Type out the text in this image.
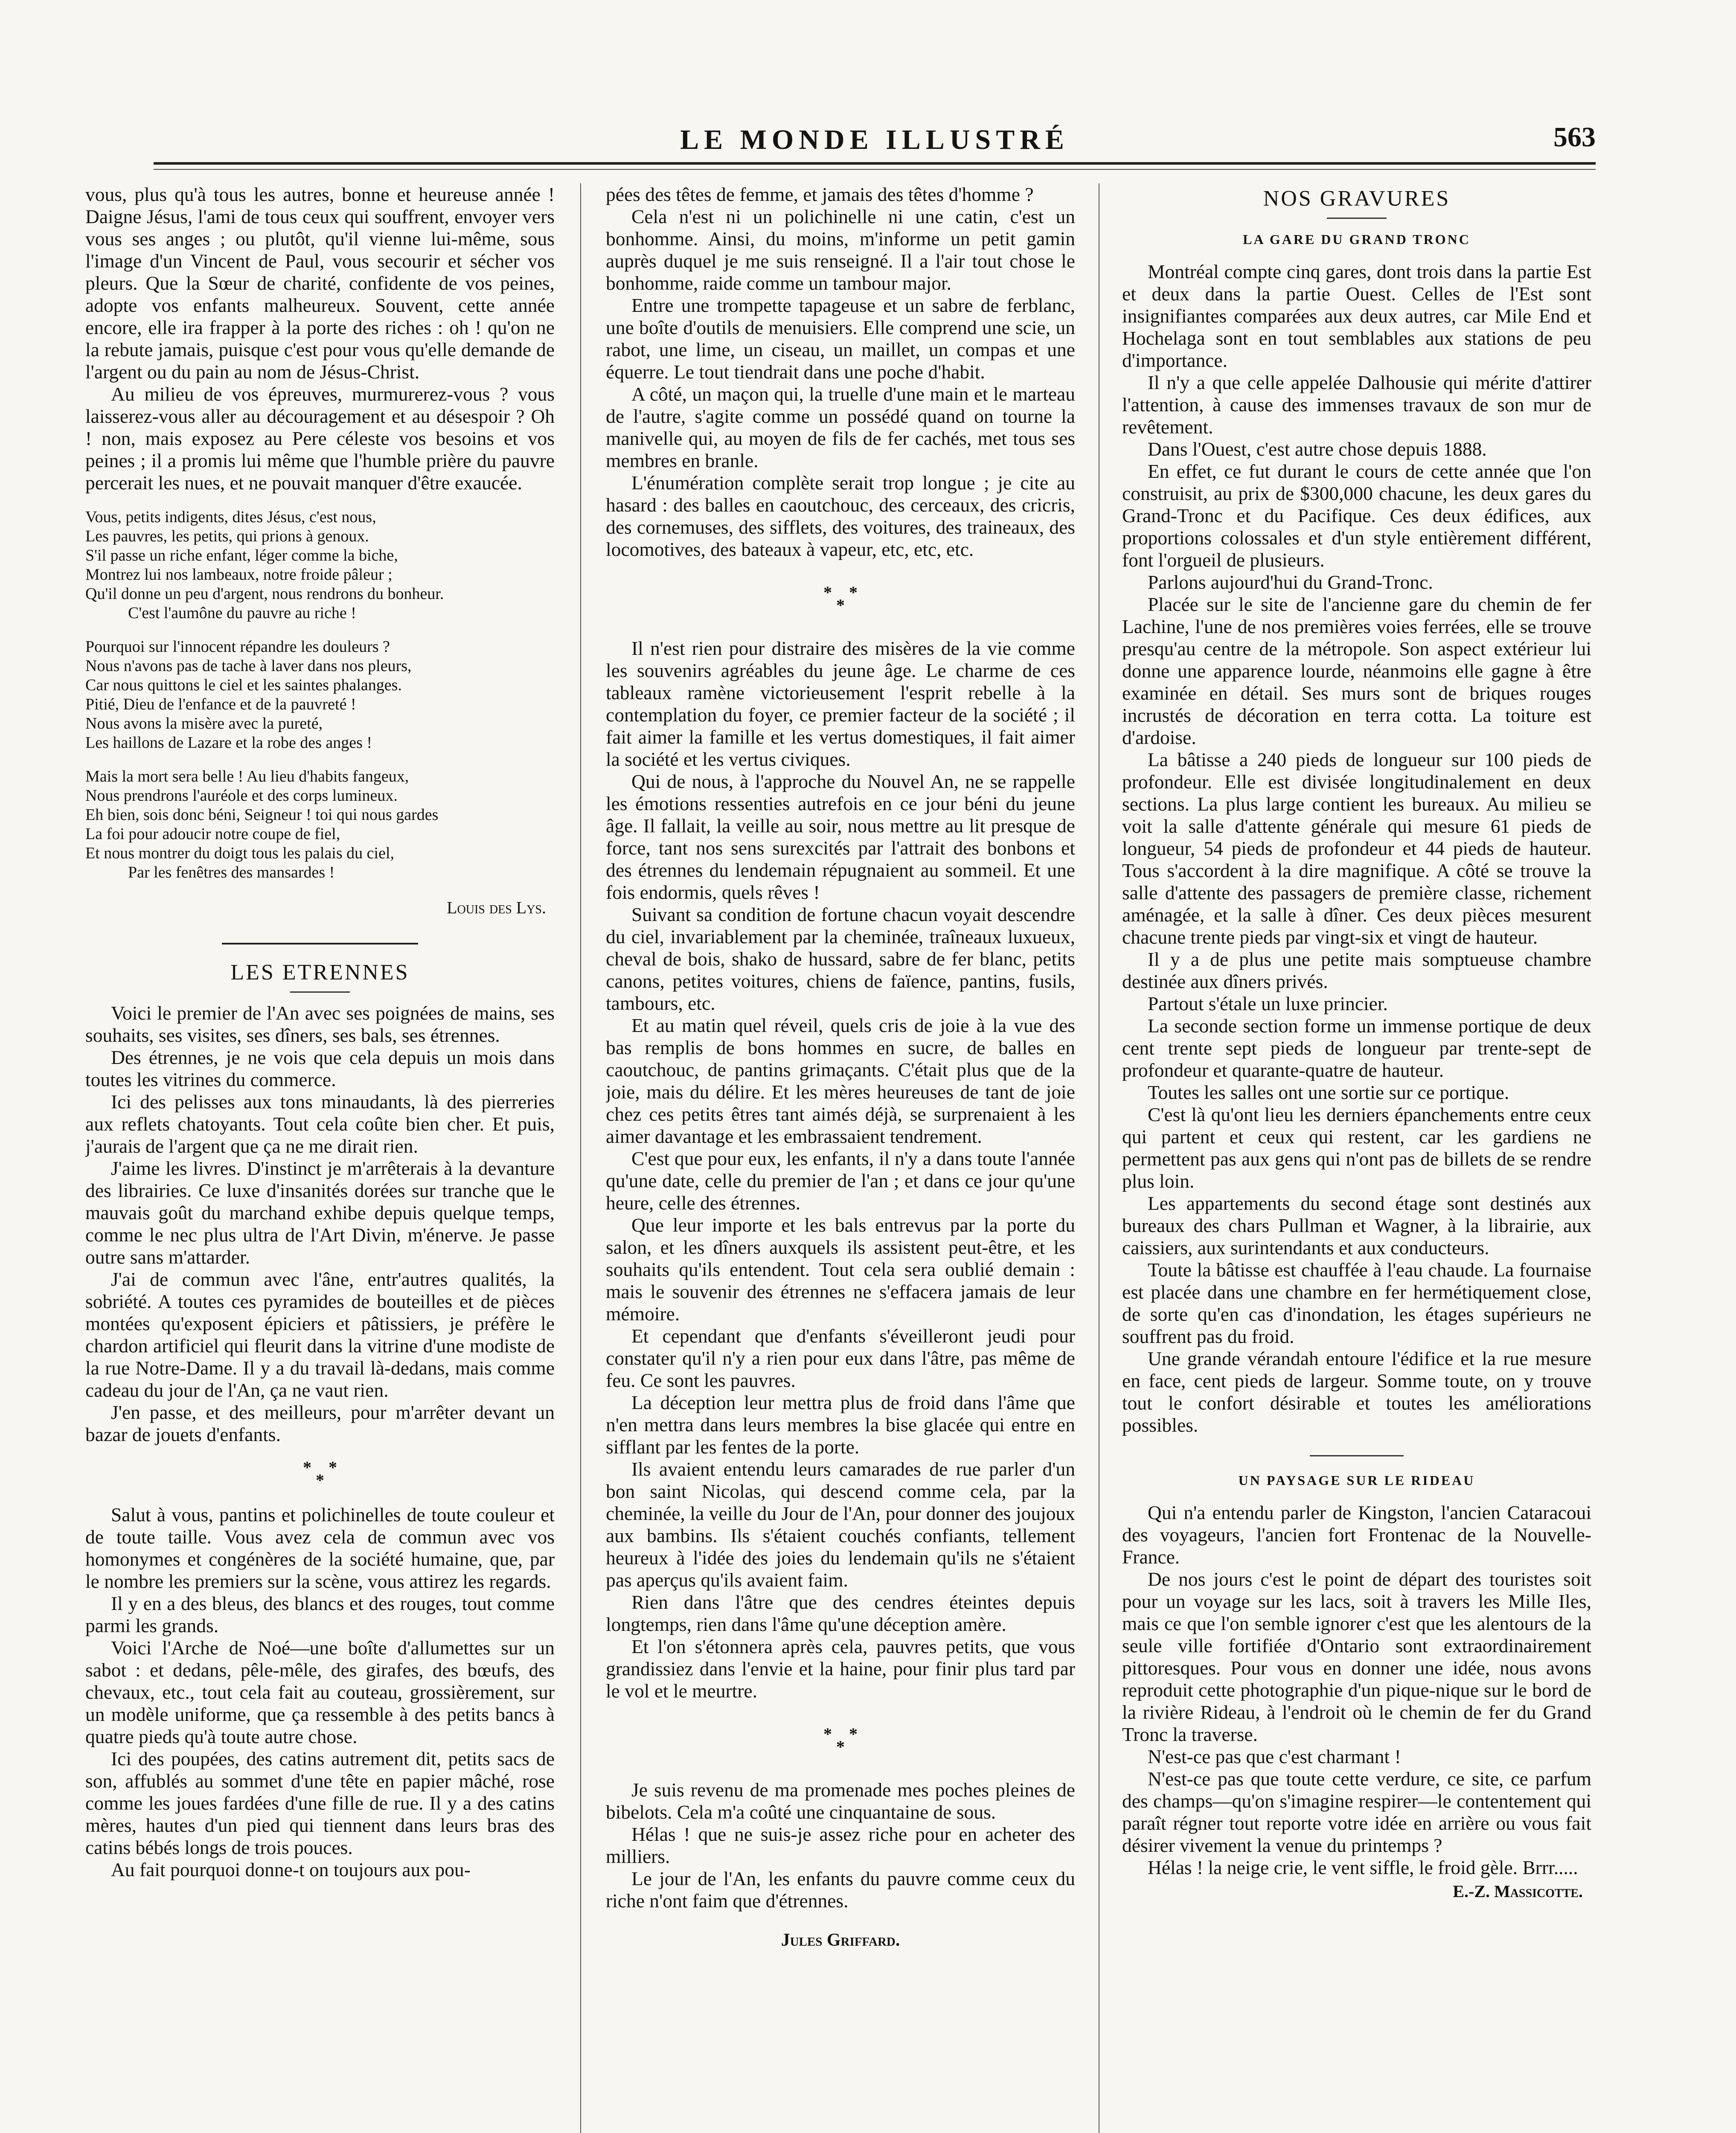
LE MONDE ILLUSTRÉ	563

vous, plus qu'à tous les autres, bonne et heureuse année ! Daigne Jésus, l'ami de tous ceux qui souffrent, envoyer vers vous ses anges ; ou plutôt, qu'il vienne lui-même, sous l'image d'un Vincent de Paul, vous secourir et sécher vos pleurs. Que la Sœur de charité, confidente de vos peines, adopte vos enfants malheureux. Souvent, cette année encore, elle ira frapper à la porte des riches : oh ! qu'on ne la rebute jamais, puisque c'est pour vous qu'elle demande de l'argent ou du pain au nom de Jésus-Christ.

Au milieu de vos épreuves, murmurerez-vous ? vous laisserez-vous aller au découragement et au désespoir ? Oh ! non, mais exposez au Pere céleste vos besoins et vos peines ; il a promis lui même que l'humble prière du pauvre percerait les nues, et ne pouvait manquer d'être exaucée.

Vous, petits indigents, dites Jésus, c'est nous,
Les pauvres, les petits, qui prions à genoux.
S'il passe un riche enfant, léger comme la biche,
Montrez lui nos lambeaux, notre froide pâleur ;
Qu'il donne un peu d'argent, nous rendrons du bonheur.
C'est l'aumône du pauvre au riche !
Pourquoi sur l'innocent répandre les douleurs ?
Nous n'avons pas de tache à laver dans nos pleurs,
Car nous quittons le ciel et les saintes phalanges.
Pitié, Dieu de l'enfance et de la pauvreté !
Nous avons la misère avec la pureté,
Les haillons de Lazare et la robe des anges !
Mais la mort sera belle ! Au lieu d'habits fangeux,
Nous prendrons l'auréole et des corps lumineux.
Eh bien, sois donc béni, Seigneur ! toi qui nous gardes
La foi pour adoucir notre coupe de fiel,
Et nous montrer du doigt tous les palais du ciel,
Par les fenêtres des mansardes !
Louis des Lys.
LES ETRENNES

Voici le premier de l'An avec ses poignées de mains, ses souhaits, ses visites, ses dîners, ses bals, ses étrennes.

Des étrennes, je ne vois que cela depuis un mois dans toutes les vitrines du commerce.

Ici des pelisses aux tons minaudants, là des pierreries aux reflets chatoyants. Tout cela coûte bien cher. Et puis, j'aurais de l'argent que ça ne me dirait rien.

J'aime les livres. D'instinct je m'arrêterais à la devanture des librairies. Ce luxe d'insanités dorées sur tranche que le mauvais goût du marchand exhibe depuis quelque temps, comme le nec plus ultra de l'Art Divin, m'énerve. Je passe outre sans m'attarder.

J'ai de commun avec l'âne, entr'autres qualités, la sobriété. A toutes ces pyramides de bouteilles et de pièces montées qu'exposent épiciers et pâtissiers, je préfère le chardon artificiel qui fleurit dans la vitrine d'une modiste de la rue Notre-Dame. Il y a du travail là-dedans, mais comme cadeau du jour de l'An, ça ne vaut rien.

J'en passe, et des meilleurs, pour m'arrêter devant un bazar de jouets d'enfants.

*  *
*

Salut à vous, pantins et polichinelles de toute couleur et de toute taille. Vous avez cela de commun avec vos homonymes et congénères de la société humaine, que, par le nombre les premiers sur la scène, vous attirez les regards.

Il y en a des bleus, des blancs et des rouges, tout comme parmi les grands.

Voici l'Arche de Noé—une boîte d'allumettes sur un sabot : et dedans, pêle-mêle, des girafes, des bœufs, des chevaux, etc., tout cela fait au couteau, grossièrement, sur un modèle uniforme, que ça ressemble à des petits bancs à quatre pieds qu'à toute autre chose.

Ici des poupées, des catins autrement dit, petits sacs de son, affublés au sommet d'une tête en papier mâché, rose comme les joues fardées d'une fille de rue. Il y a des catins mères, hautes d'un pied qui tiennent dans leurs bras des catins bébés longs de trois pouces.

Au fait pourquoi donne-t on toujours aux pou-

pées des têtes de femme, et jamais des têtes d'homme ?

Cela n'est ni un polichinelle ni une catin, c'est un bonhomme. Ainsi, du moins, m'informe un petit gamin auprès duquel je me suis renseigné. Il a l'air tout chose le bonhomme, raide comme un tambour major.

Entre une trompette tapageuse et un sabre de ferblanc, une boîte d'outils de menuisiers. Elle comprend une scie, un rabot, une lime, un ciseau, un maillet, un compas et une équerre. Le tout tiendrait dans une poche d'habit.

A côté, un maçon qui, la truelle d'une main et le marteau de l'autre, s'agite comme un possédé quand on tourne la manivelle qui, au moyen de fils de fer cachés, met tous ses membres en branle.

L'énumération complète serait trop longue ; je cite au hasard : des balles en caoutchouc, des cerceaux, des cricris, des cornemuses, des sifflets, des voitures, des traineaux, des locomotives, des bateaux à vapeur, etc, etc, etc.

*  *
*

Il n'est rien pour distraire des misères de la vie comme les souvenirs agréables du jeune âge. Le charme de ces tableaux ramène victorieusement l'esprit rebelle à la contemplation du foyer, ce premier facteur de la société ; il fait aimer la famille et les vertus domestiques, il fait aimer la société et les vertus civiques.

Qui de nous, à l'approche du Nouvel An, ne se rappelle les émotions ressenties autrefois en ce jour béni du jeune âge. Il fallait, la veille au soir, nous mettre au lit presque de force, tant nos sens surexcités par l'attrait des bonbons et des étrennes du lendemain répugnaient au sommeil. Et une fois endormis, quels rêves !

Suivant sa condition de fortune chacun voyait descendre du ciel, invariablement par la cheminée, traîneaux luxueux, cheval de bois, shako de hussard, sabre de fer blanc, petits canons, petites voitures, chiens de faïence, pantins, fusils, tambours, etc.

Et au matin quel réveil, quels cris de joie à la vue des bas remplis de bons hommes en sucre, de balles en caoutchouc, de pantins grimaçants. C'était plus que de la joie, mais du délire. Et les mères heureuses de tant de joie chez ces petits êtres tant aimés déjà, se surprenaient à les aimer davantage et les embrassaient tendrement.

C'est que pour eux, les enfants, il n'y a dans toute l'année qu'une date, celle du premier de l'an ; et dans ce jour qu'une heure, celle des étrennes.

Que leur importe et les bals entrevus par la porte du salon, et les dîners auxquels ils assistent peut-être, et les souhaits qu'ils entendent. Tout cela sera oublié demain : mais le souvenir des étrennes ne s'effacera jamais de leur mémoire.

Et cependant que d'enfants s'éveilleront jeudi pour constater qu'il n'y a rien pour eux dans l'âtre, pas même de feu. Ce sont les pauvres.

La déception leur mettra plus de froid dans l'âme que n'en mettra dans leurs membres la bise glacée qui entre en sifflant par les fentes de la porte.

Ils avaient entendu leurs camarades de rue parler d'un bon saint Nicolas, qui descend comme cela, par la cheminée, la veille du Jour de l'An, pour donner des joujoux aux bambins. Ils s'étaient couchés confiants, tellement heureux à l'idée des joies du lendemain qu'ils ne s'étaient pas aperçus qu'ils avaient faim.

Rien dans l'âtre que des cendres éteintes depuis longtemps, rien dans l'âme qu'une déception amère.

Et l'on s'étonnera après cela, pauvres petits, que vous grandissiez dans l'envie et la haine, pour finir plus tard par le vol et le meurtre.

*  *
*

Je suis revenu de ma promenade mes poches pleines de bibelots. Cela m'a coûté une cinquantaine de sous.

Hélas ! que ne suis-je assez riche pour en acheter des milliers.

Le jour de l'An, les enfants du pauvre comme ceux du riche n'ont faim que d'étrennes.

Jules Griffard.
NOS GRAVURES
LA GARE DU GRAND TRONC

Montréal compte cinq gares, dont trois dans la partie Est et deux dans la partie Ouest. Celles de l'Est sont insignifiantes comparées aux deux autres, car Mile End et Hochelaga sont en tout semblables aux stations de peu d'importance.

Il n'y a que celle appelée Dalhousie qui mérite d'attirer l'attention, à cause des immenses travaux de son mur de revêtement.

Dans l'Ouest, c'est autre chose depuis 1888.

En effet, ce fut durant le cours de cette année que l'on construisit, au prix de $300,000 chacune, les deux gares du Grand-Tronc et du Pacifique. Ces deux édifices, aux proportions colossales et d'un style entièrement différent, font l'orgueil de plusieurs.

Parlons aujourd'hui du Grand-Tronc.

Placée sur le site de l'ancienne gare du chemin de fer Lachine, l'une de nos premières voies ferrées, elle se trouve presqu'au centre de la métropole. Son aspect extérieur lui donne une apparence lourde, néanmoins elle gagne à être examinée en détail. Ses murs sont de briques rouges incrustés de décoration en terra cotta. La toiture est d'ardoise.

La bâtisse a 240 pieds de longueur sur 100 pieds de profondeur. Elle est divisée longitudinalement en deux sections. La plus large contient les bureaux. Au milieu se voit la salle d'attente générale qui mesure 61 pieds de longueur, 54 pieds de profondeur et 44 pieds de hauteur. Tous s'accordent à la dire magnifique. A côté se trouve la salle d'attente des passagers de première classe, richement aménagée, et la salle à dîner. Ces deux pièces mesurent chacune trente pieds par vingt-six et vingt de hauteur.

Il y a de plus une petite mais somptueuse chambre destinée aux dîners privés.

Partout s'étale un luxe princier.

La seconde section forme un immense portique de deux cent trente sept pieds de longueur par trente-sept de profondeur et quarante-quatre de hauteur.

Toutes les salles ont une sortie sur ce portique.

C'est là qu'ont lieu les derniers épanchements entre ceux qui partent et ceux qui restent, car les gardiens ne permettent pas aux gens qui n'ont pas de billets de se rendre plus loin.

Les appartements du second étage sont destinés aux bureaux des chars Pullman et Wagner, à la librairie, aux caissiers, aux surintendants et aux conducteurs.

Toute la bâtisse est chauffée à l'eau chaude. La fournaise est placée dans une chambre en fer hermétiquement close, de sorte qu'en cas d'inondation, les étages supérieurs ne souffrent pas du froid.

Une grande vérandah entoure l'édifice et la rue mesure en face, cent pieds de largeur. Somme toute, on y trouve tout le confort désirable et toutes les améliorations possibles.

UN PAYSAGE SUR LE RIDEAU

Qui n'a entendu parler de Kingston, l'ancien Cataracoui des voyageurs, l'ancien fort Frontenac de la Nouvelle-France.

De nos jours c'est le point de départ des touristes soit pour un voyage sur les lacs, soit à travers les Mille Iles, mais ce que l'on semble ignorer c'est que les alentours de la seule ville fortifiée d'Ontario sont extraordinairement pittoresques. Pour vous en donner une idée, nous avons reproduit cette photographie d'un pique-nique sur le bord de la rivière Rideau, à l'endroit où le chemin de fer du Grand Tronc la traverse.

N'est-ce pas que c'est charmant !

N'est-ce pas que toute cette verdure, ce site, ce parfum des champs—qu'on s'imagine respirer—le contentement qui paraît régner tout reporte votre idée en arrière ou vous fait désirer vivement la venue du printemps ?

Hélas ! la neige crie, le vent siffle, le froid gèle. Brrr.....

E.-Z. Massicotte.
